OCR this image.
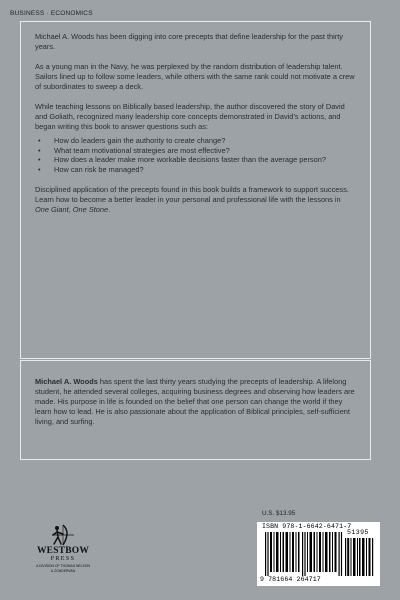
BUSINESS · ECONOMICS

Michael A. Woods has been digging into core precepts that define leadership for the past thirty years.

As a young man in the Navy, he was perplexed by the random distribution of leadership talent. Sailors lined up to follow some leaders, while others with the same rank could not motivate a crew of subordinates to sweep a deck.

While teaching lessons on Biblically based leadership, the author discovered the story of David and Goliath, recognized many leadership core concepts demonstrated in David’s actions, and began writing this book to answer questions such as:

• How do leaders gain the authority to create change?
• What team motivational strategies are most effective?
• How does a leader make more workable decisions faster than the average person?
• How can risk be managed?

Disciplined application of the precepts found in this book builds a framework to support success. Learn how to become a better leader in your personal and professional life with the lessons in One Giant, One Stone.

Michael A. Woods has spent the last thirty years studying the precepts of leadership. A lifelong student, he attended several colleges, acquiring business degrees and observing how leaders are made. His purpose in life is founded on the belief that one person can change the world if they learn how to lead. He is also passionate about the application of Biblical principles, self-sufficient living, and surfing.

WESTBOW
PRESS
A DIVISION OF THOMAS NELSON
& ZONDERVAN
U.S. $13.95
ISBN 978-1-6642-6471-7
51395
9 781664 264717
